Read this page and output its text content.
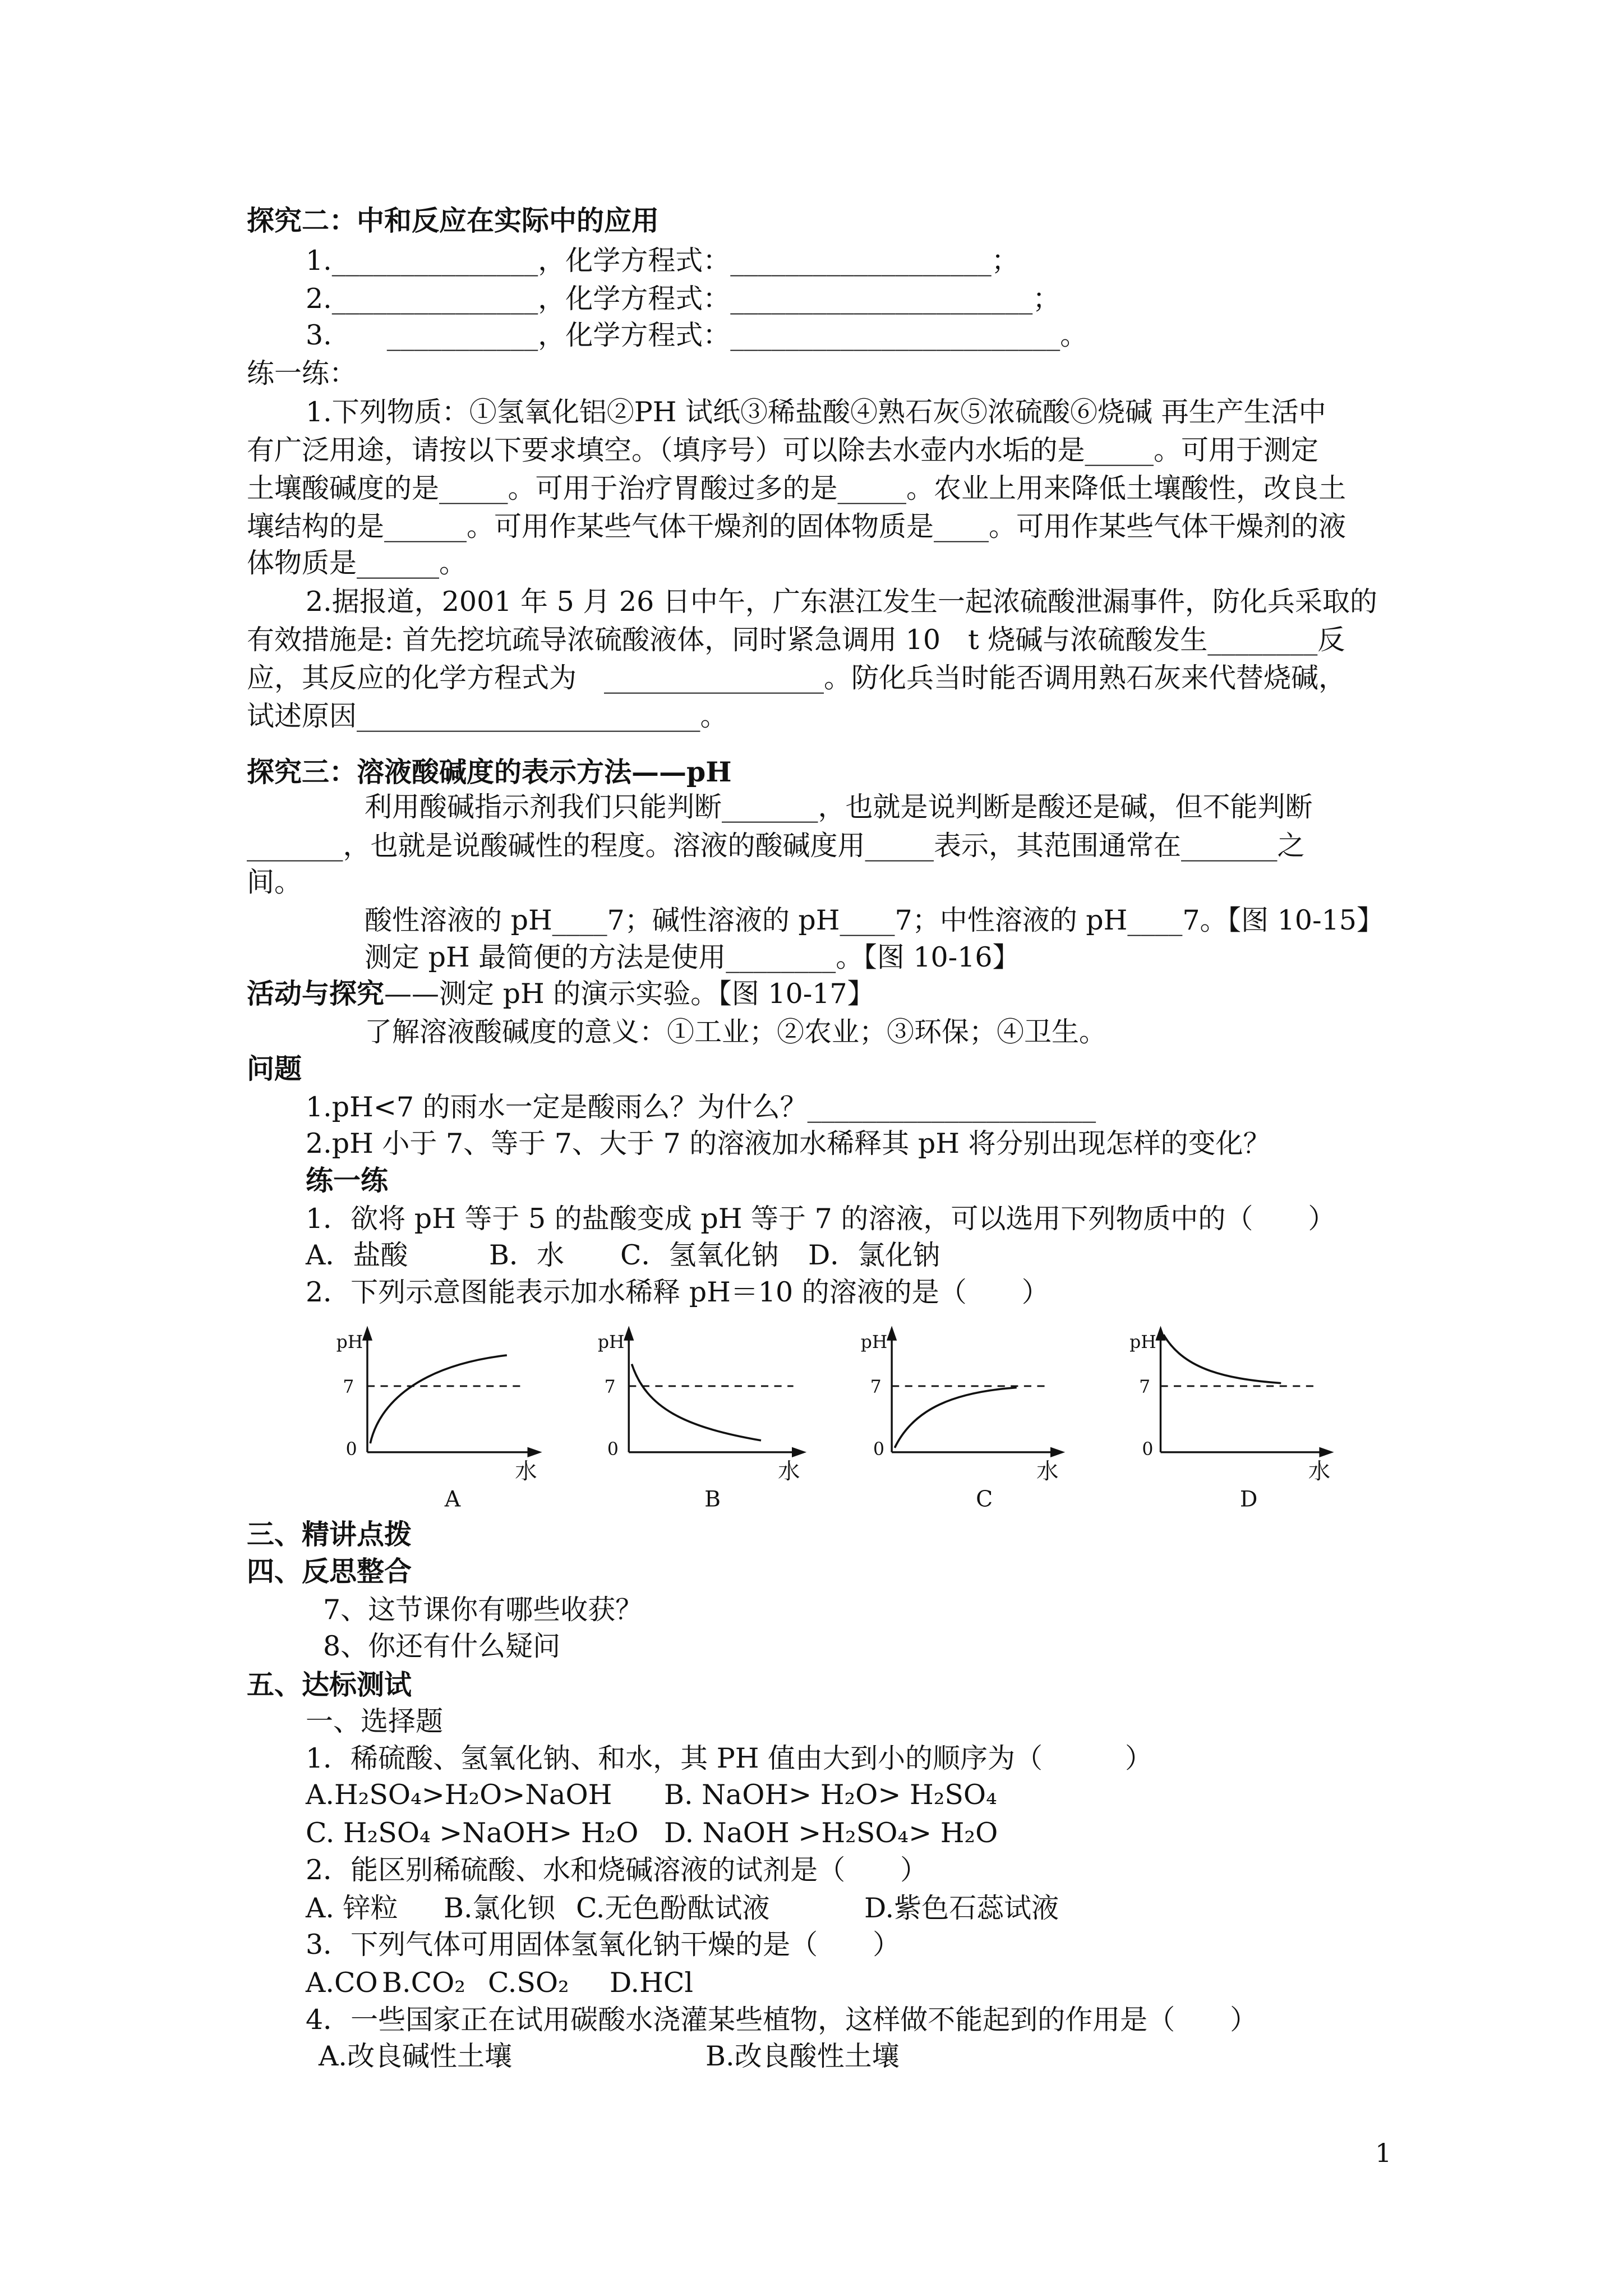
探究二：中和反应在实际中的应用
1._______________，化学方程式：___________________；
2._______________，化学方程式：______________________；
3.　　___________，化学方程式：________________________。
练一练：
1.下列物质：①氢氧化铝②PH 试纸③稀盐酸④熟石灰⑤浓硫酸⑥烧碱 再生产生活中
有广泛用途，请按以下要求填空。（填序号）可以除去水壶内水垢的是_____。可用于测定
土壤酸碱度的是_____。可用于治疗胃酸过多的是_____。农业上用来降低土壤酸性，改良土
壤结构的是______。可用作某些气体干燥剂的固体物质是____。可用作某些气体干燥剂的液
体物质是______。
2.据报道，2001 年 5 月 26 日中午，广东湛江发生一起浓硫酸泄漏事件，防化兵采取的
有效措施是: 首先挖坑疏导浓硫酸液体，同时紧急调用 10　t 烧碱与浓硫酸发生________反
应，其反应的化学方程式为　________________。防化兵当时能否调用熟石灰来代替烧碱，
试述原因_________________________。
探究三：溶液酸碱度的表示方法——pH
利用酸碱指示剂我们只能判断_______，也就是说判断是酸还是碱，但不能判断
_______，也就是说酸碱性的程度。溶液的酸碱度用_____表示，其范围通常在_______之
间。
酸性溶液的 pH____7；碱性溶液的 pH____7；中性溶液的 pH____7。【图 10-15】
测定 pH 最简便的方法是使用________。【图 10-16】
活动与探究——测定 pH 的演示实验。【图 10-17】
了解溶液酸碱度的意义：①工业；②农业；③环保；④卫生。
问题
1.pH<7 的雨水一定是酸雨么？为什么？_____________________
2.pH 小于 7、等于 7、大于 7 的溶液加水稀释其 pH 将分别出现怎样的变化？
练一练
1．欲将 pH 等于 5 的盐酸变成 pH 等于 7 的溶液，可以选用下列物质中的（　　）
A．盐酸	B．水 C．氢氧化钠 D．氯化钠
2．下列示意图能表示加水稀释 pH＝10 的溶液的是（　　）
pH
7
0
水
A
pH
7
0
水
B
pH
7
0
水
C
pH
7
0
水
D
三、精讲点拨
四、反思整合
7、这节课你有哪些收获？
8、你还有什么疑问
五、达标测试
一、选择题
1．稀硫酸、氢氧化钠、和水，其 PH 值由大到小的顺序为（　　　）
A.H₂SO₄>H₂O>NaOH B. NaOH> H₂O> H₂SO₄
C. H₂SO₄ >NaOH> H₂O D. NaOH >H₂SO₄> H₂O
2．能区别稀硫酸、水和烧碱溶液的试剂是（　　）
A. 锌粒 B.氯化钡 C.无色酚酞试液	D.紫色石蕊试液
3．下列气体可用固体氢氧化钠干燥的是（　　）
A.CO B.CO₂ C.SO₂ D.HCl
4．一些国家正在试用碳酸水浇灌某些植物，这样做不能起到的作用是（　　）
A.改良碱性土壤	B.改良酸性土壤
1
